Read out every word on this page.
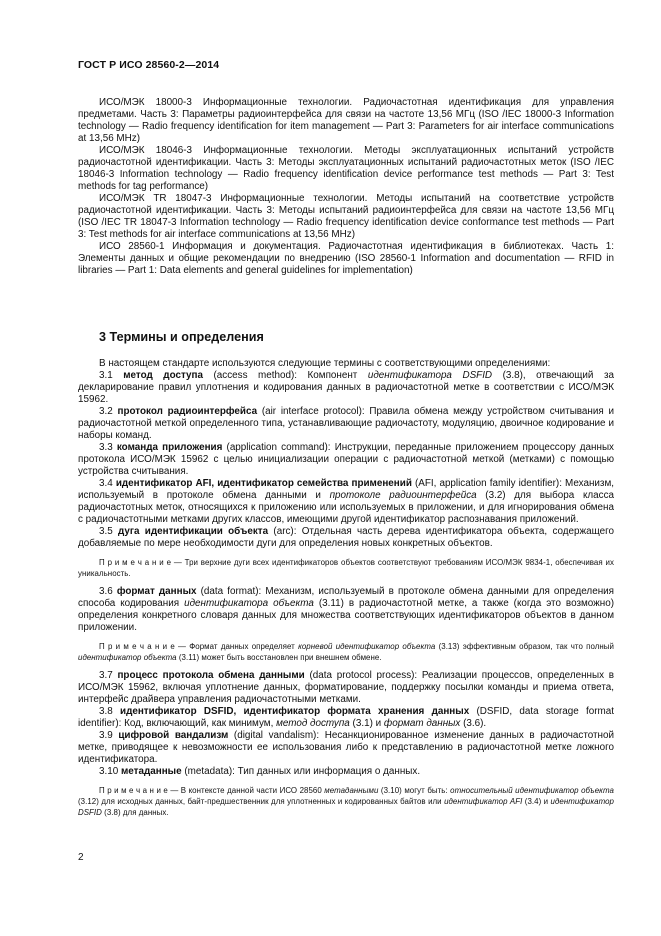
ГОСТ Р ИСО 28560-2—2014

ИСО/МЭК 18000-3 Информационные технологии. Радиочастотная идентификация для управления предметами. Часть 3: Параметры радиоинтерфейса для связи на частоте 13,56 МГц (ISO /IEC 18000-3 Information technology — Radio frequency identification for item management — Part 3: Parameters for air interface communications at 13,56 MHz)

ИСО/МЭК 18046-3 Информационные технологии. Методы эксплуатационных испытаний устройств радиочастотной идентификации. Часть 3: Методы эксплуатационных испытаний радиочастотных меток (ISO /IEC 18046-3 Information technology — Radio frequency identification device performance test methods — Part 3: Test methods for tag performance)

ИСО/МЭК TR 18047-3 Информационные технологии. Методы испытаний на соответствие устройств радиочастотной идентификации. Часть 3: Методы испытаний радиоинтерфейса для связи на частоте 13,56 МГц (ISO /IEC TR 18047-3 Information technology — Radio frequency identification device conformance test methods — Part 3: Test methods for air interface communications at 13,56 MHz)

ИСО 28560-1 Информация и документация. Радиочастотная идентификация в библиотеках. Часть 1: Элементы данных и общие рекомендации по внедрению (ISO 28560-1 Information and documentation — RFID in libraries — Part 1: Data elements and general guidelines for implementation)

3 Термины и определения

В настоящем стандарте используются следующие термины с соответствующими определениями:

3.1 метод доступа (access method): Компонент идентификатора DSFID (3.8), отвечающий за декларирование правил уплотнения и кодирования данных в радиочастотной метке в соответствии с ИСО/МЭК 15962.

3.2 протокол радиоинтерфейса (air interface protocol): Правила обмена между устройством считывания и радиочастотной меткой определенного типа, устанавливающие радиочастоту, модуляцию, двоичное кодирование и наборы команд.

3.3 команда приложения (application command): Инструкции, переданные приложением процессору данных протокола ИСО/МЭК 15962 с целью инициализации операции с радиочастотной меткой (метками) с помощью устройства считывания.

3.4 идентификатор AFI, идентификатор семейства применений (AFI, application family identifier): Механизм, используемый в протоколе обмена данными и протоколе радиоинтерфейса (3.2) для выбора класса радиочастотных меток, относящихся к приложению или используемых в приложении, и для игнорирования обмена с радиочастотными метками других классов, имеющими другой идентификатор распознавания приложений.

3.5 дуга идентификации объекта (arc): Отдельная часть дерева идентификатора объекта, содержащего добавляемые по мере необходимости дуги для определения новых конкретных объектов.

П р и м е ч а н и е — Три верхние дуги всех идентификаторов объектов соответствуют требованиям ИСО/МЭК 9834-1, обеспечивая их уникальность.

3.6 формат данных (data format): Механизм, используемый в протоколе обмена данными для определения способа кодирования идентификатора объекта (3.11) в радиочастотной метке, а также (когда это возможно) определения конкретного словаря данных для множества соответствующих идентификаторов объектов в данном приложении.

П р и м е ч а н и е — Формат данных определяет корневой идентификатор объекта (3.13) эффективным образом, так что полный идентификатор объекта (3.11) может быть восстановлен при внешнем обмене.

3.7 процесс протокола обмена данными (data protocol process): Реализации процессов, определенных в ИСО/МЭК 15962, включая уплотнение данных, форматирование, поддержку посылки команды и приема ответа, интерфейс драйвера управления радиочастотными метками.

3.8 идентификатор DSFID, идентификатор формата хранения данных (DSFID, data storage format identifier): Код, включающий, как минимум, метод доступа (3.1) и формат данных (3.6).

3.9 цифровой вандализм (digital vandalism): Несанкционированное изменение данных в радиочастотной метке, приводящее к невозможности ее использования либо к представлению в радиочастотной метке ложного идентификатора.

3.10 метаданные (metadata): Тип данных или информация о данных.

П р и м е ч а н и е — В контексте данной части ИСО 28560 метаданными (3.10) могут быть: относительный идентификатор объекта (3.12) для исходных данных, байт-предшественник для уплотненных и кодированных байтов или идентификатор AFI (3.4) и идентификатор DSFID (3.8) для данных.

2
